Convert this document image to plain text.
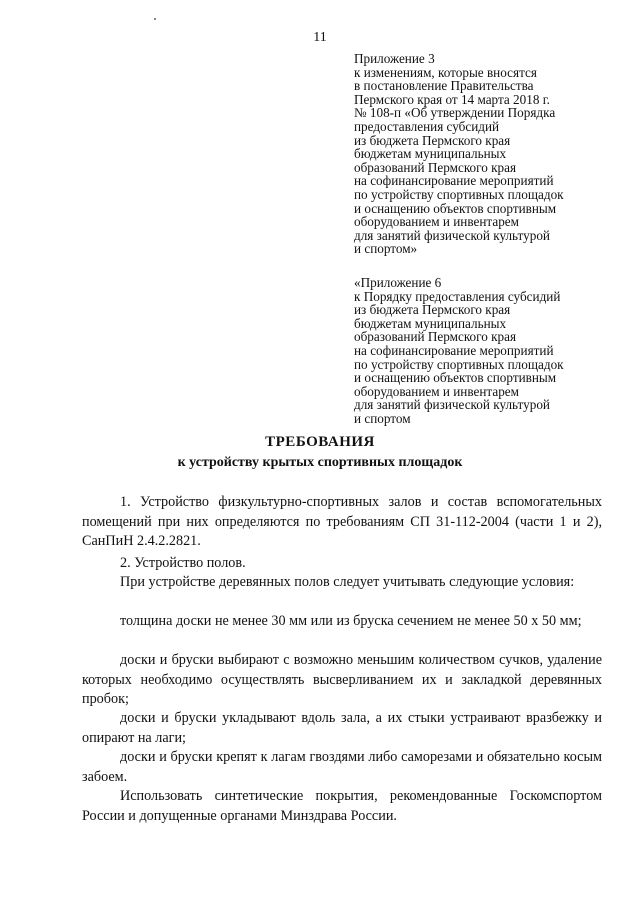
11
Приложение 3
к изменениям, которые вносятся
в постановление Правительства
Пермского края от 14 марта 2018 г.
№ 108-п «Об утверждении Порядка
предоставления субсидий
из бюджета Пермского края
бюджетам муниципальных
образований Пермского края
на софинансирование мероприятий
по устройству спортивных площадок
и оснащению объектов спортивным
оборудованием и инвентарем
для занятий физической культурой
и спортом»
«Приложение 6
к Порядку предоставления субсидий
из бюджета Пермского края
бюджетам муниципальных
образований Пермского края
на софинансирование мероприятий
по устройству спортивных площадок
и оснащению объектов спортивным
оборудованием и инвентарем
для занятий физической культурой
и спортом
ТРЕБОВАНИЯ
к устройству крытых спортивных площадок

1. Устройство физкультурно-спортивных залов и состав вспомогательных помещений при них определяются по требованиям СП 31-112-2004 (части 1 и 2), СанПиН 2.4.2.2821.

2. Устройство полов.

При устройстве деревянных полов следует учитывать следующие условия:

толщина доски не менее 30 мм или из бруска сечением не менее 50 х 50 мм;

доски и бруски выбирают с возможно меньшим количеством сучков, удаление которых необходимо осуществлять высверливанием их и закладкой деревянных пробок;

доски и бруски укладывают вдоль зала, а их стыки устраивают вразбежку и опирают на лаги;

доски и бруски крепят к лагам гвоздями либо саморезами и обязательно косым забоем.

Использовать синтетические покрытия, рекомендованные Госкомспортом России и допущенные органами Минздрава России.
